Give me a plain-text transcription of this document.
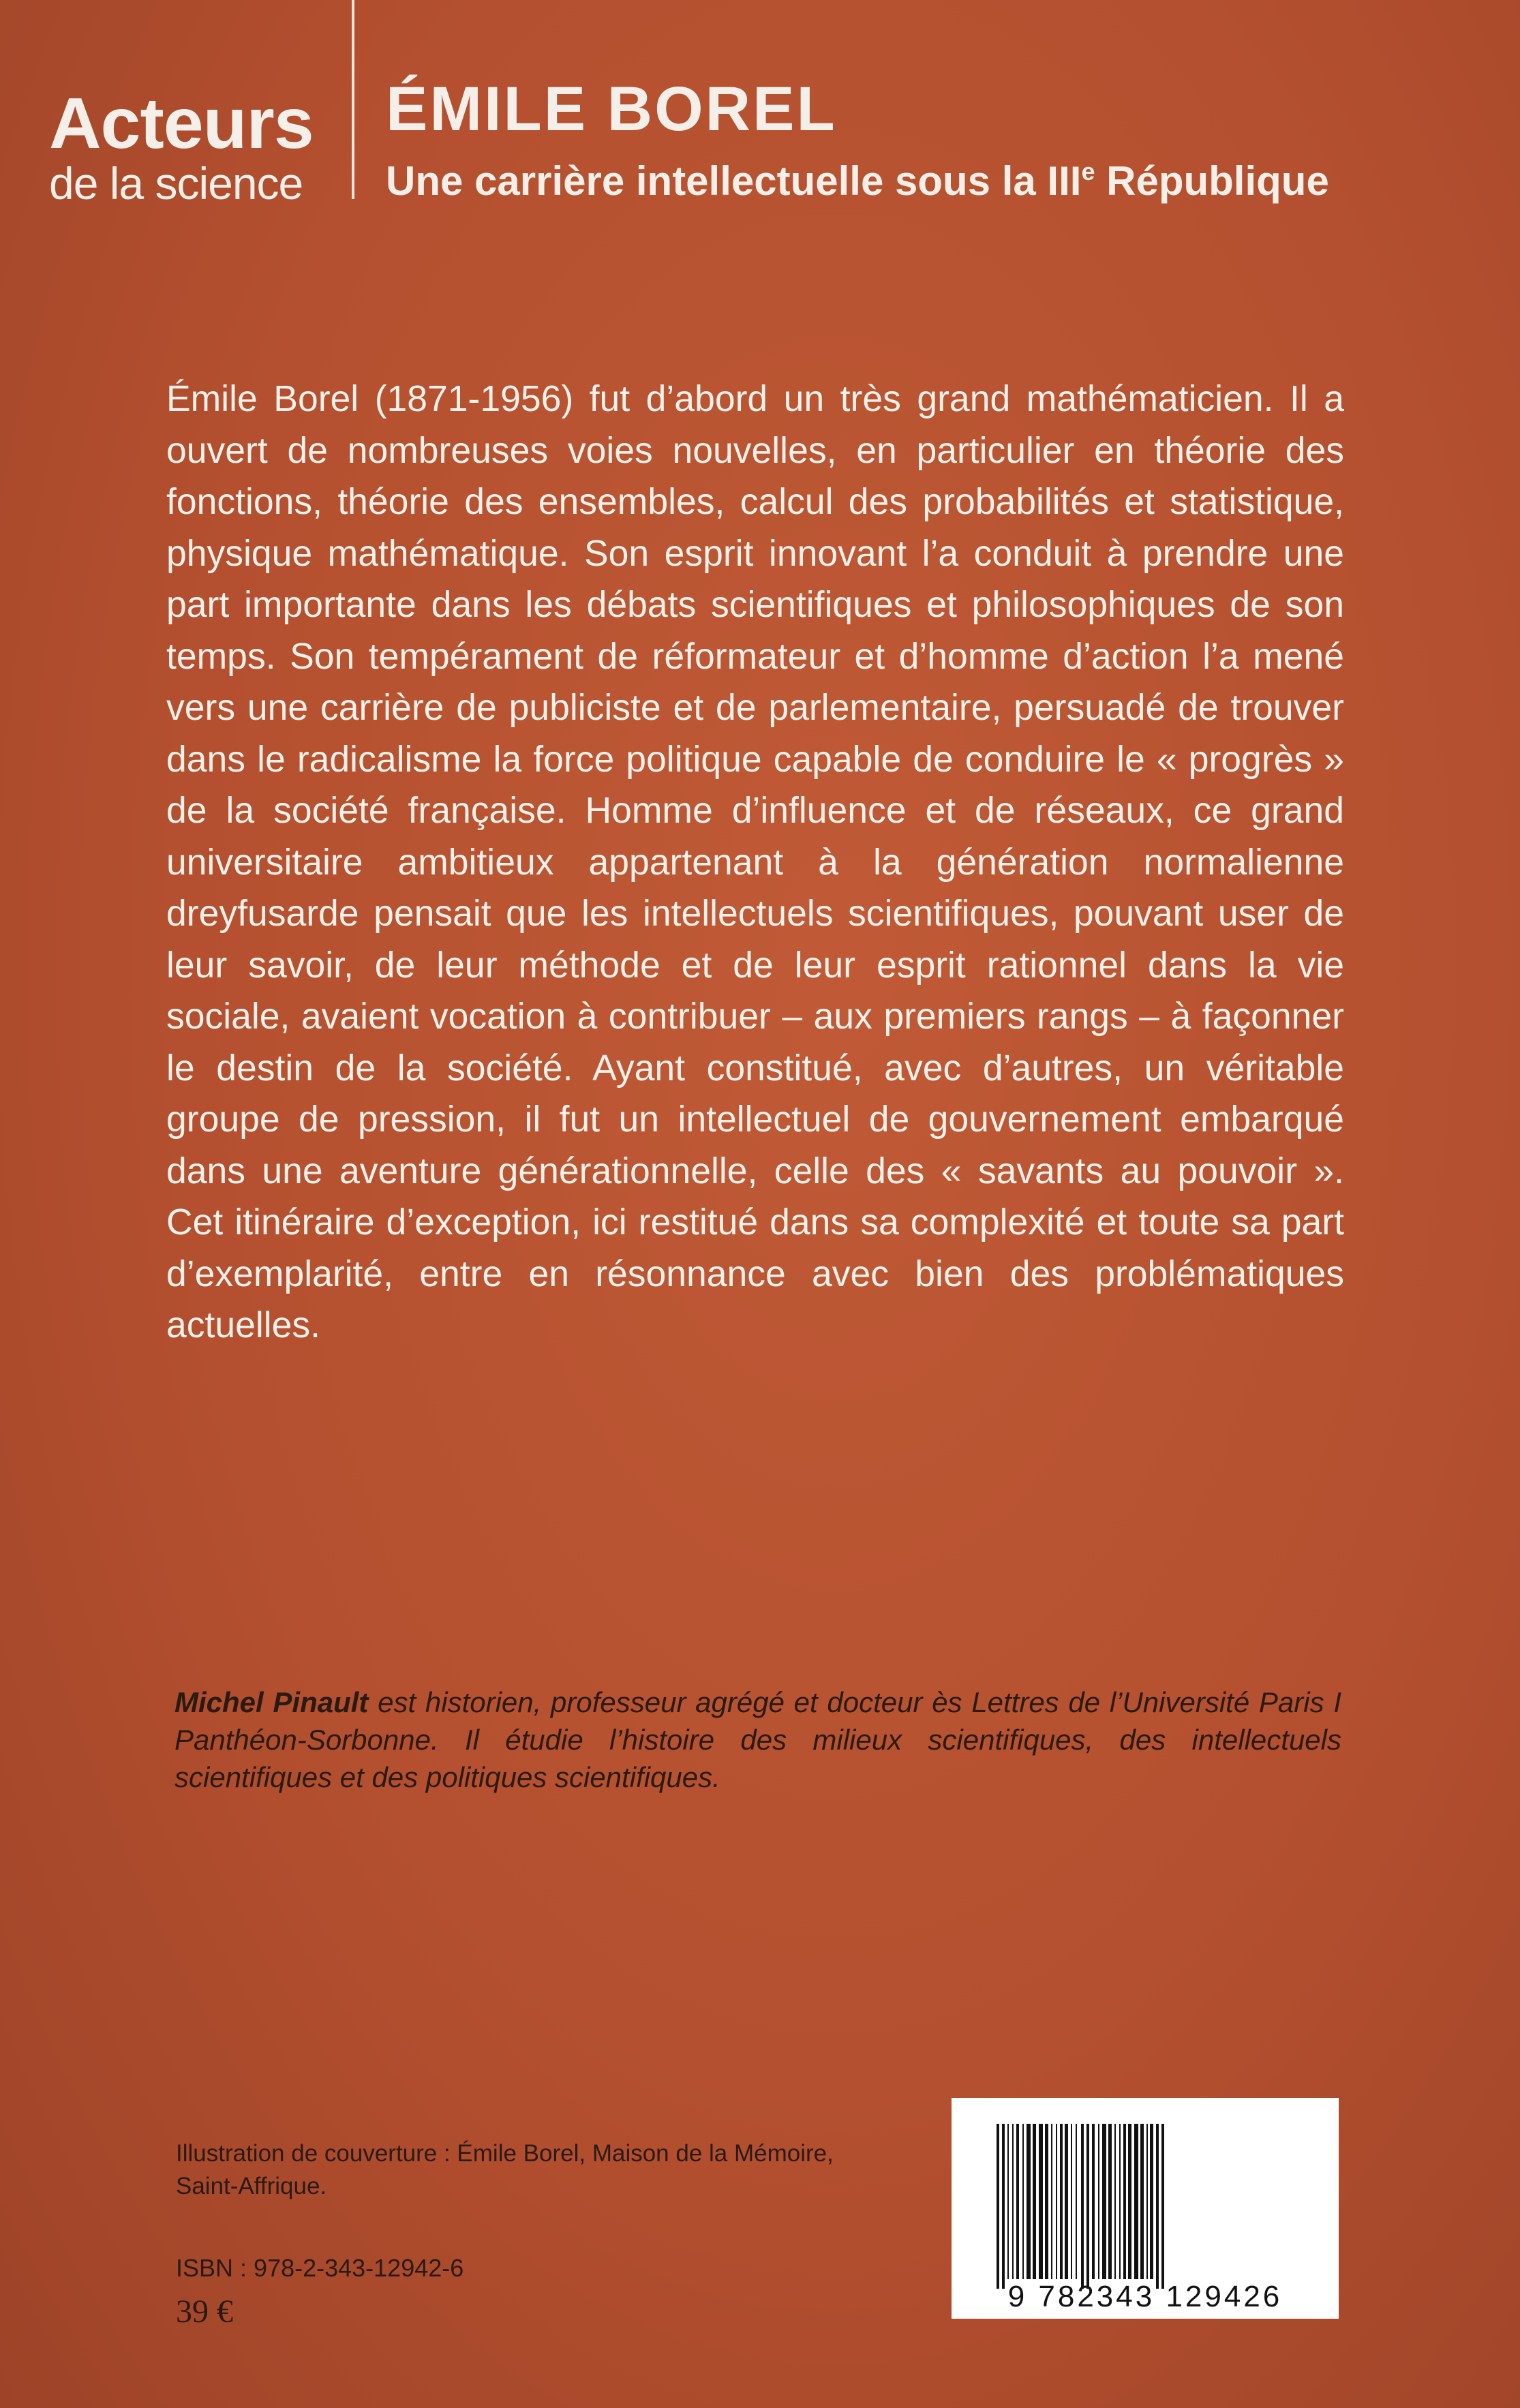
Acteurs
de la science
ÉMILE BOREL
Une carrière intellectuelle sous la IIIe République

Émile Borel (1871-1956) fut d’abord un très grand mathématicien. Il a ouvert de nombreuses voies nouvelles, en particulier en théorie des fonctions, théorie des ensembles, calcul des probabilités et statistique, physique mathématique. Son esprit innovant l’a conduit à prendre une part importante dans les débats scientifiques et philosophiques de son temps. Son tempérament de réformateur et d’homme d’action l’a mené vers une carrière de publiciste et de parlementaire, persuadé de trouver dans le radicalisme la force politique capable de conduire le « progrès » de la société française. Homme d’influence et de réseaux, ce grand universitaire ambitieux appartenant à la génération normalienne dreyfusarde pensait que les intellectuels scientifiques, pouvant user de leur savoir, de leur méthode et de leur esprit rationnel dans la vie sociale, avaient vocation à contribuer – aux premiers rangs – à façonner le destin de la société. Ayant constitué, avec d’autres, un véritable groupe de pression, il fut un intellectuel de gouvernement embarqué dans une aventure générationnelle, celle des « savants au pouvoir ». Cet itinéraire d’exception, ici restitué dans sa complexité et toute sa part d’exemplarité, entre en résonnance avec bien des problématiques actuelles.

Michel Pinault est historien, professeur agrégé et docteur ès Lettres de l’Université Paris I Panthéon-Sorbonne. Il étudie l’histoire des milieux scientifiques, des intellectuels scientifiques et des politiques scientifiques.

Illustration de couverture : Émile Borel, Maison de la Mémoire,
Saint-Affrique.

ISBN : 978-2-343-12942-6
39 €	9 782343 129426
